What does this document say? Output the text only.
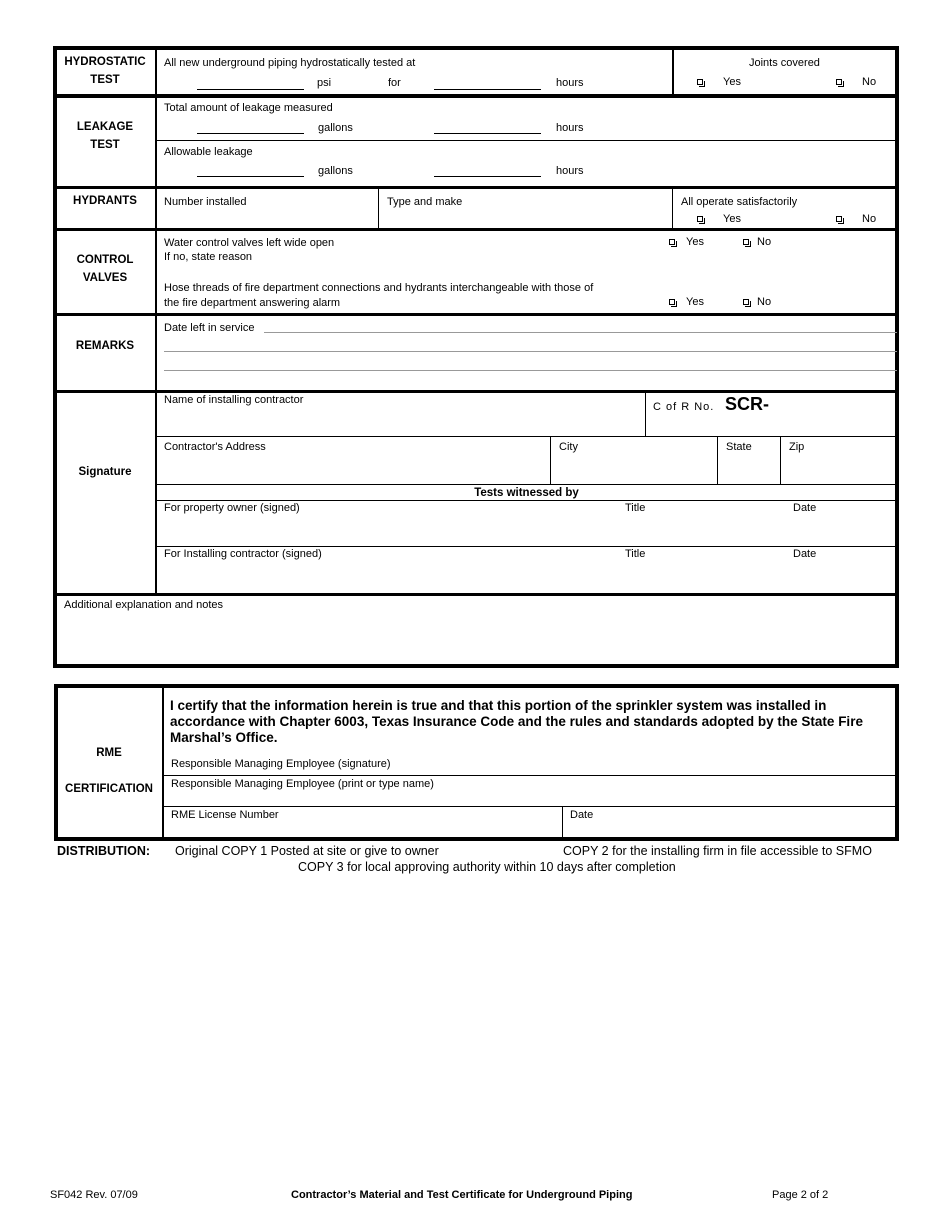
HYDROSTATIC
TEST
All new underground piping hydrostatically tested at
psi	for	hours
Joints covered
Yes	No
LEAKAGE
TEST
Total amount of leakage measured
gallons	hours
Allowable leakage
gallons	hours
HYDRANTS	Number installed	Type and make	All operate satisfactorily
Yes	No
CONTROL
VALVES
Water control valves left wide open
If no, state reason
Yes	No
Hose threads of fire department connections and hydrants interchangeable with those of
the fire department answering alarm	Yes	No
REMARKS
Date left in service
Signature
Name of installing contractor
C of R No. SCR-
Contractor's Address	City	State	Zip
Tests witnessed by
For property owner (signed)	Title	Date
For Installing contractor (signed)	Title	Date
Additional explanation and notes
RME
CERTIFICATION
I certify that the information herein is true and that this portion of the sprinkler system was installed in accordance with Chapter 6003, Texas Insurance Code and the rules and standards adopted by the State Fire Marshal’s Office.
Responsible Managing Employee (signature)
Responsible Managing Employee (print or type name)
RME License Number	Date
DISTRIBUTION: Original COPY 1 Posted at site or give to owner	COPY 2 for the installing firm in file accessible to SFMO
COPY 3 for local approving authority within 10 days after completion
SF042 Rev. 07/09	Contractor’s Material and Test Certificate for Underground Piping	Page 2 of 2
